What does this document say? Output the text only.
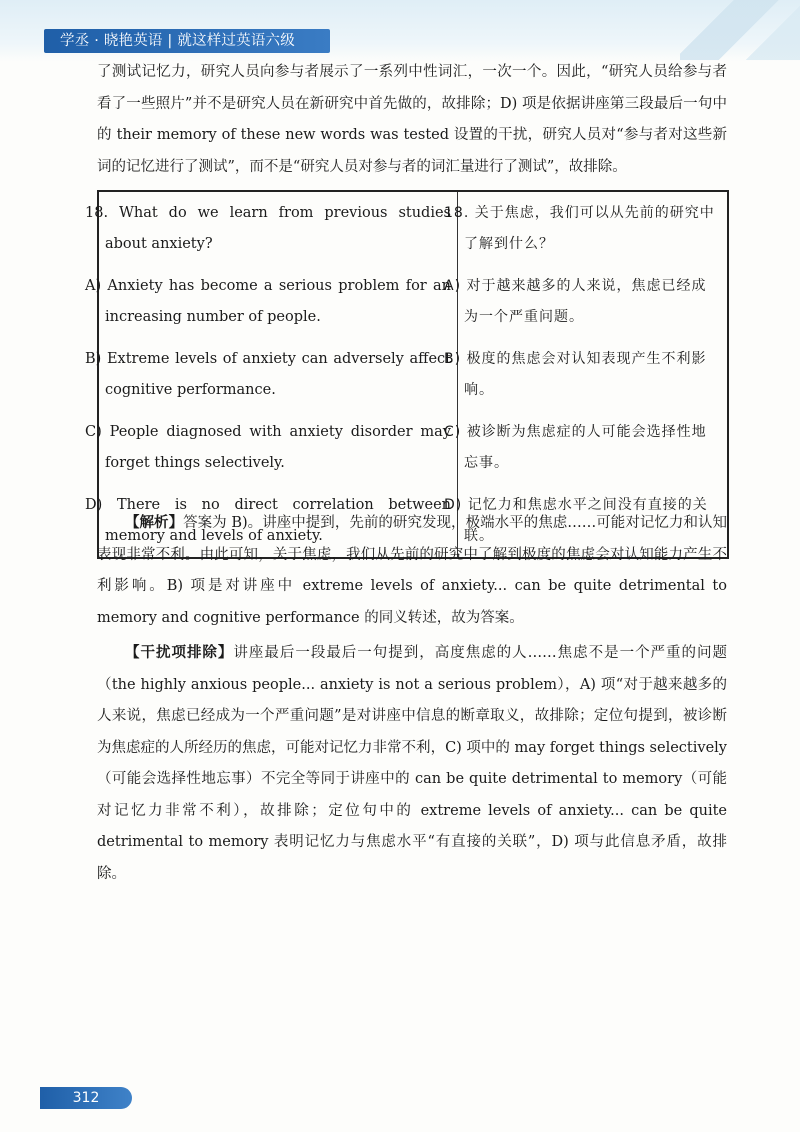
学丞 · 晓艳英语 | 就这样过英语六级

了测试记忆力，研究人员向参与者展示了一系列中性词汇，一次一个。因此，“研究人员给参与者看了一些照片”并不是研究人员在新研究中首先做的，故排除；D) 项是依据讲座第三段最后一句中的 their memory of these new words was tested 设置的干扰，研究人员对“参与者对这些新词的记忆进行了测试”，而不是“研究人员对参与者的词汇量进行了测试”，故排除。

18. What do we learn from previous studies about anxiety?	18. 关于焦虑，我们可以从先前的研究中了解到什么？
A) Anxiety has become a serious problem for an increasing number of people.	A) 对于越来越多的人来说，焦虑已经成为一个严重问题。
B) Extreme levels of anxiety can adversely affect cognitive performance.	B) 极度的焦虑会对认知表现产生不利影响。
C) People diagnosed with anxiety disorder may forget things selectively.	C) 被诊断为焦虑症的人可能会选择性地忘事。
D) There is no direct correlation between memory and levels of anxiety.	D) 记忆力和焦虑水平之间没有直接的关联。

【解析】答案为 B)。讲座中提到，先前的研究发现，极端水平的焦虑……可能对记忆力和认知表现非常不利。由此可知，关于焦虑，我们从先前的研究中了解到极度的焦虑会对认知能力产生不利影响。B) 项是对讲座中 extreme levels of anxiety... can be quite detrimental to memory and cognitive performance 的同义转述，故为答案。

【干扰项排除】讲座最后一段最后一句提到，高度焦虑的人……焦虑不是一个严重的问题（the highly anxious people... anxiety is not a serious problem），A) 项“对于越来越多的人来说，焦虑已经成为一个严重问题”是对讲座中信息的断章取义，故排除；定位句提到，被诊断为焦虑症的人所经历的焦虑，可能对记忆力非常不利，C) 项中的 may forget things selectively（可能会选择性地忘事）不完全等同于讲座中的 can be quite detrimental to memory（可能对记忆力非常不利），故排除；定位句中的 extreme levels of anxiety... can be quite detrimental to memory 表明记忆力与焦虑水平“有直接的关联”，D) 项与此信息矛盾，故排除。

312
